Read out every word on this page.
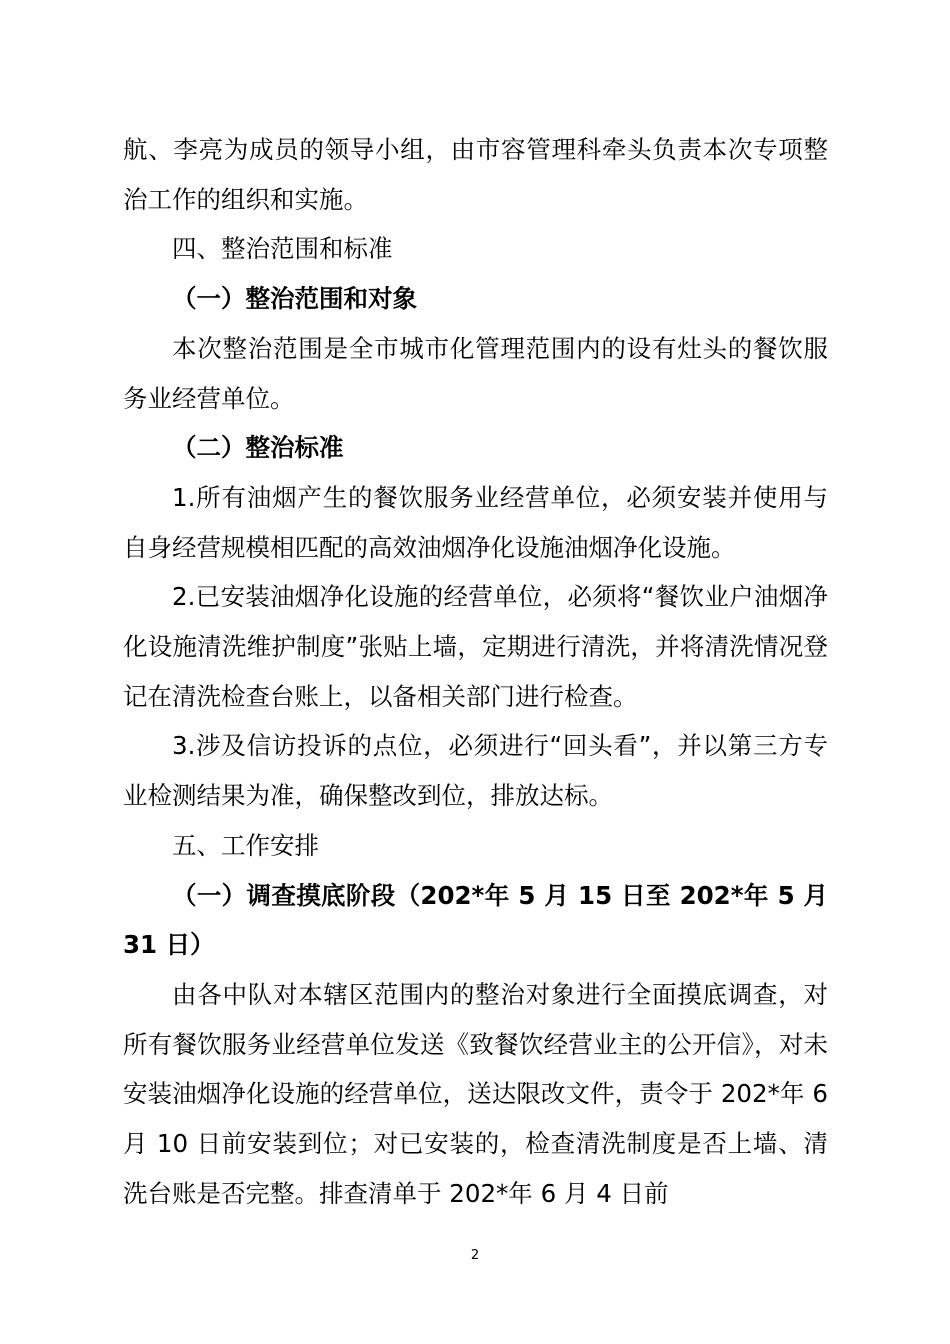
航、李亮为成员的领导小组，由市容管理科牵头负责本次专项整治工作的组织和实施。

四、整治范围和标准

（一）整治范围和对象

本次整治范围是全市城市化管理范围内的设有灶头的餐饮服务业经营单位。

（二）整治标准

1.所有油烟产生的餐饮服务业经营单位，必须安装并使用与自身经营规模相匹配的高效油烟净化设施油烟净化设施。

2.已安装油烟净化设施的经营单位，必须将“餐饮业户油烟净化设施清洗维护制度”张贴上墙，定期进行清洗，并将清洗情况登记在清洗检查台账上，以备相关部门进行检查。

3.涉及信访投诉的点位，必须进行“回头看”，并以第三方专业检测结果为准，确保整改到位，排放达标。

五、工作安排

（一）调查摸底阶段（202*年 5 月 15 日至 202*年 5 月 31 日）

由各中队对本辖区范围内的整治对象进行全面摸底调查，对所有餐饮服务业经营单位发送《致餐饮经营业主的公开信》，对未安装油烟净化设施的经营单位，送达限改文件，责令于 202*年 6 月 10 日前安装到位；对已安装的，检查清洗制度是否上墙、清洗台账是否完整。排查清单于 202*年 6 月 4 日前

2
